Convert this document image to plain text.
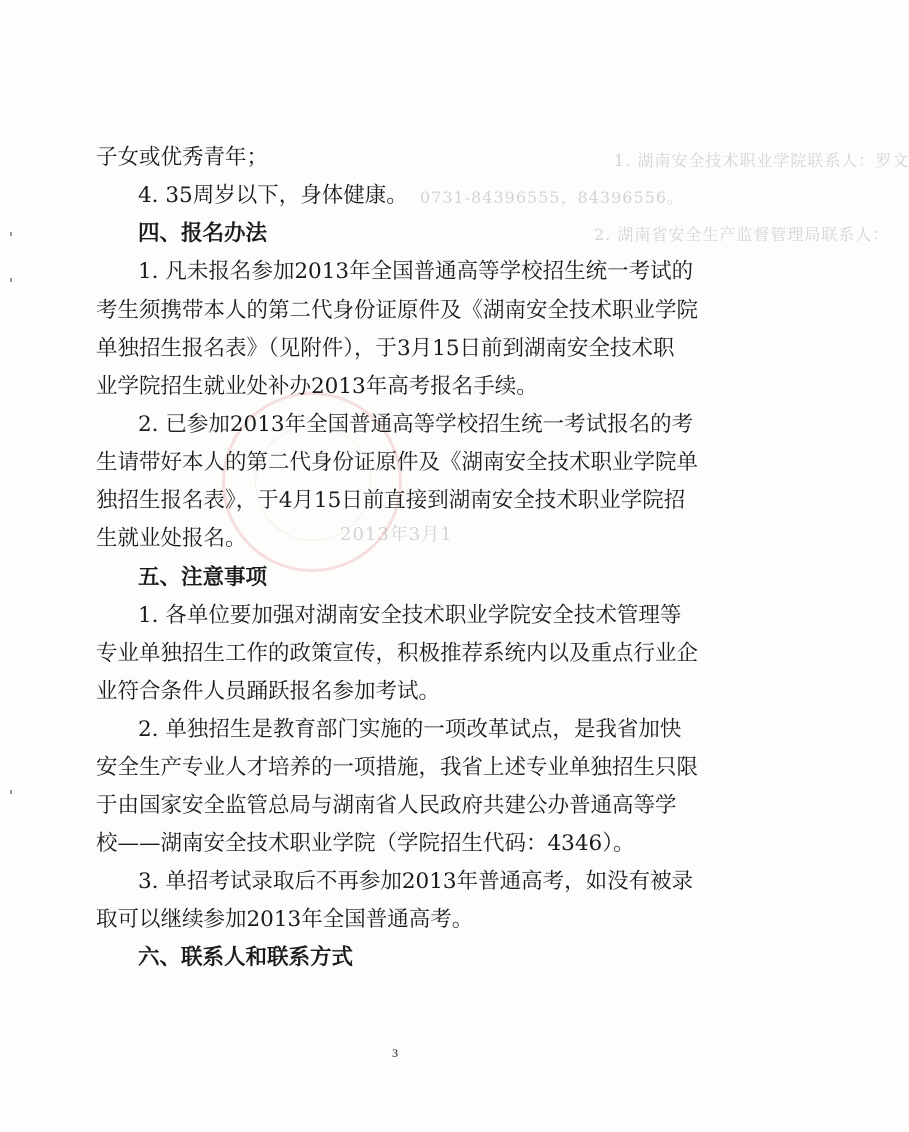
1. 湖南安全技术职业学院联系人：罗文
0731-84396555，84396556。
2. 湖南省安全生产监督管理局联系人：
2013年3月1
子女或优秀青年；
4. 35周岁以下，身体健康。
四、报名办法
1. 凡未报名参加2013年全国普通高等学校招生统一考试的
考生须携带本人的第二代身份证原件及《湖南安全技术职业学院
单独招生报名表》（见附件），于3月15日前到湖南安全技术职
业学院招生就业处补办2013年高考报名手续。
2. 已参加2013年全国普通高等学校招生统一考试报名的考
生请带好本人的第二代身份证原件及《湖南安全技术职业学院单
独招生报名表》，于4月15日前直接到湖南安全技术职业学院招
生就业处报名。
五、注意事项
1. 各单位要加强对湖南安全技术职业学院安全技术管理等
专业单独招生工作的政策宣传，积极推荐系统内以及重点行业企
业符合条件人员踊跃报名参加考试。
2. 单独招生是教育部门实施的一项改革试点，是我省加快
安全生产专业人才培养的一项措施，我省上述专业单独招生只限
于由国家安全监管总局与湖南省人民政府共建公办普通高等学
校——湖南安全技术职业学院（学院招生代码：4346）。
3. 单招考试录取后不再参加2013年普通高考，如没有被录
取可以继续参加2013年全国普通高考。
六、联系人和联系方式
3
